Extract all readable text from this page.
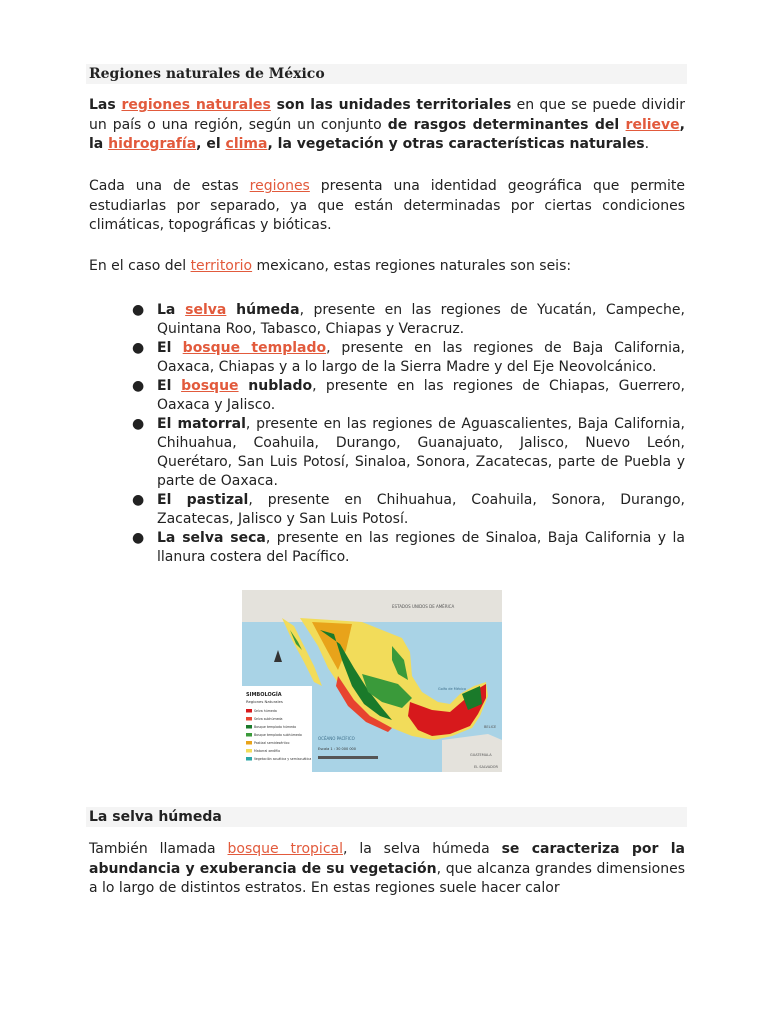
Regiones naturales de México

Las regiones naturales son las unidades territoriales en que se puede dividir un país o una región, según un conjunto de rasgos determinantes del relieve, la hidrografía, el clima, la vegetación y otras características naturales.

Cada una de estas regiones presenta una identidad geográfica que permite estudiarlas por separado, ya que están determinadas por ciertas condiciones climáticas, topográficas y bióticas.

En el caso del territorio mexicano, estas regiones naturales son seis:

● La selva húmeda, presente en las regiones de Yucatán, Campeche, Quintana Roo, Tabasco, Chiapas y Veracruz.
● El bosque templado, presente en las regiones de Baja California, Oaxaca, Chiapas y a lo largo de la Sierra Madre y del Eje Neovolcánico.
● El bosque nublado, presente en las regiones de Chiapas, Guerrero, Oaxaca y Jalisco.
● El matorral, presente en las regiones de Aguascalientes, Baja California, Chihuahua, Coahuila, Durango, Guanajuato, Jalisco, Nuevo León, Querétaro, San Luis Potosí, Sinaloa, Sonora, Zacatecas, parte de Puebla y parte de Oaxaca.
● El pastizal, presente en Chihuahua, Coahuila, Sonora, Durango, Zacatecas, Jalisco y San Luis Potosí.
● La selva seca, presente en las regiones de Sinaloa, Baja California y la llanura costera del Pacífico.
ESTADOS UNIDOS DE AMÉRICA
GUATEMALA
EL SALVADOR
BELICE
Golfo de México
OCÉANO PACÍFICO
Escala 1 : 30 000 000
SIMBOLOGÍA
Regiones Naturales
Selva húmeda
Selva subhúmeda
Bosque templado húmedo
Bosque templado subhúmedo
Pastizal semidesértico
Matorral xerófilo
Vegetación acuática y semiacuática
La selva húmeda

También llamada bosque tropical, la selva húmeda se caracteriza por la abundancia y exuberancia de su vegetación, que alcanza grandes dimensiones a lo largo de distintos estratos. En estas regiones suele hacer calor
